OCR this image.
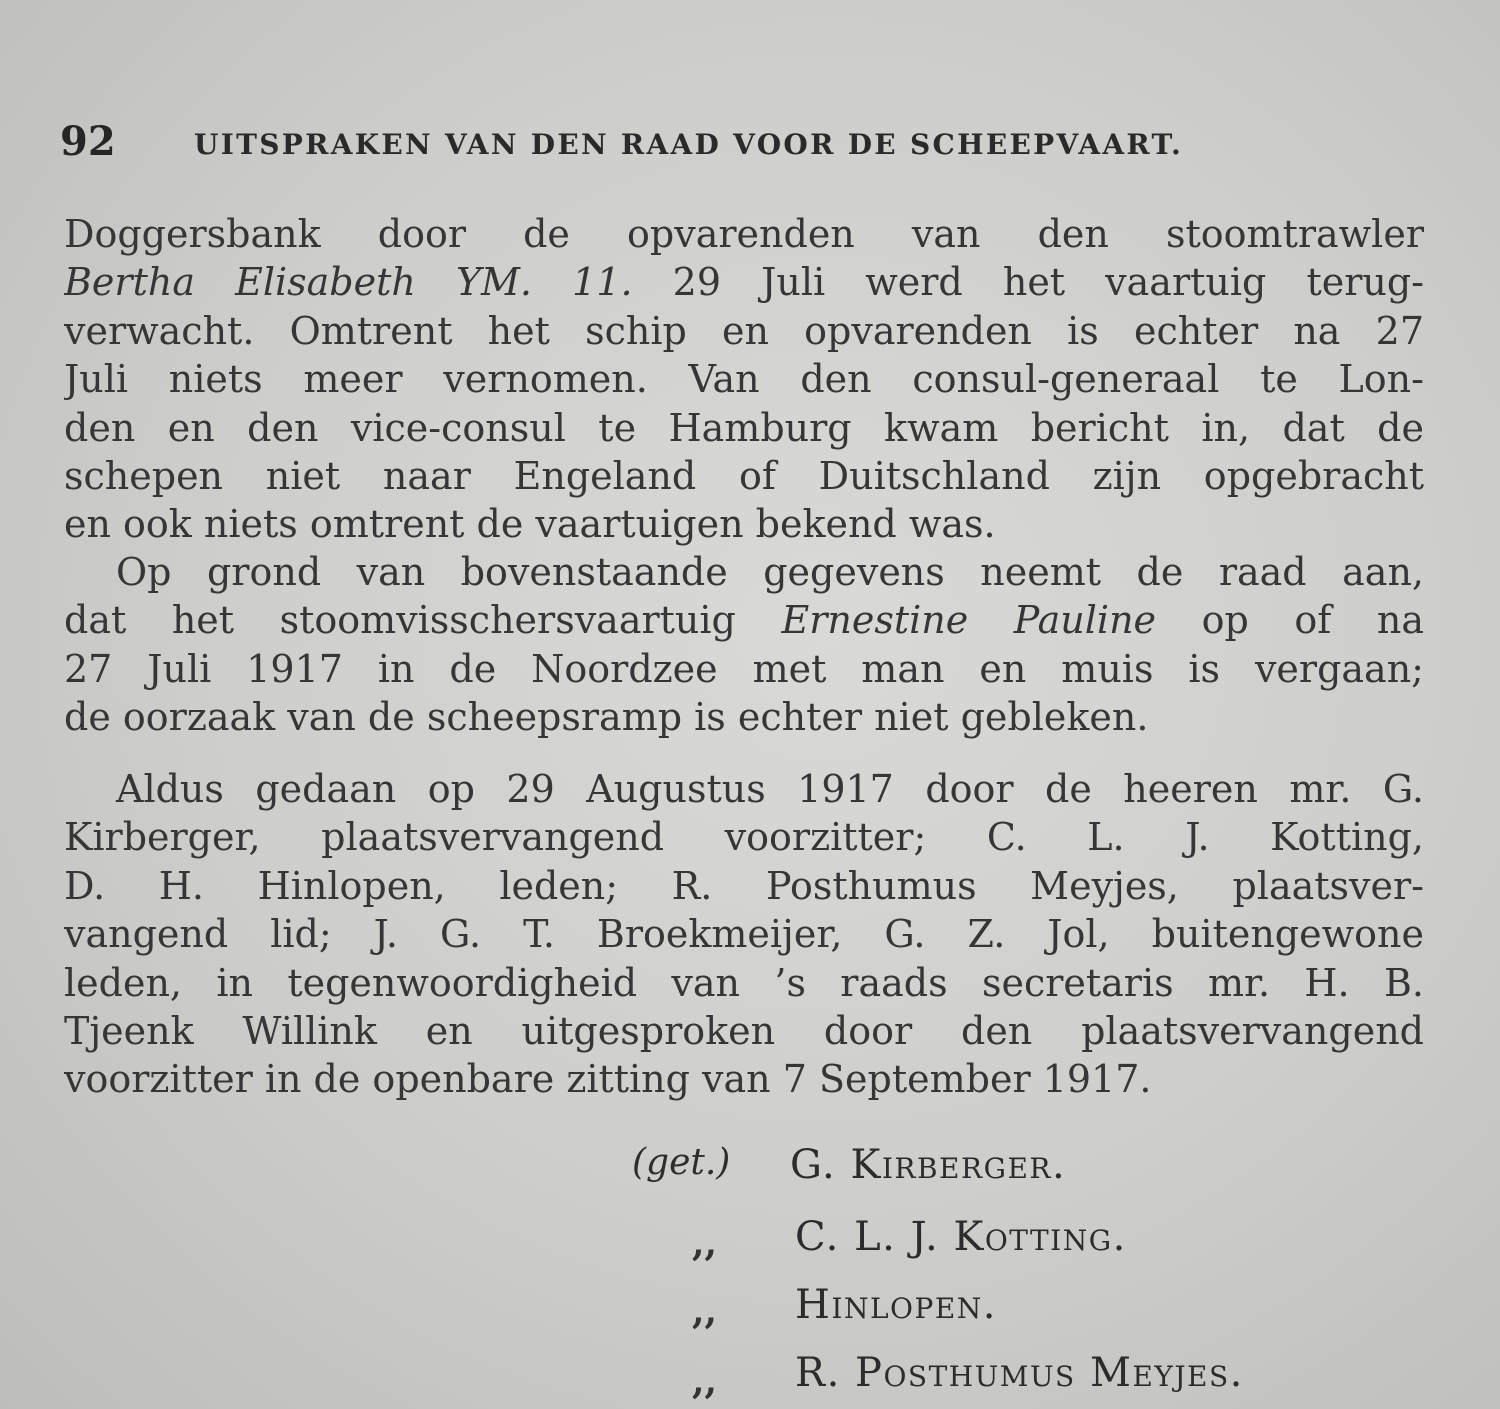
92	UITSPRAKEN VAN DEN RAAD VOOR DE SCHEEPVAART.
Doggersbank door de opvarenden van den stoomtrawler
Bertha Elisabeth YM. 11. 29 Juli werd het vaartuig terug-
verwacht. Omtrent het schip en opvarenden is echter na 27
Juli niets meer vernomen. Van den consul-generaal te Lon-
den en den vice-consul te Hamburg kwam bericht in, dat de
schepen niet naar Engeland of Duitschland zijn opgebracht
en ook niets omtrent de vaartuigen bekend was.
Op grond van bovenstaande gegevens neemt de raad aan,
dat het stoomvisschersvaartuig Ernestine Pauline op of na
27 Juli 1917 in de Noordzee met man en muis is vergaan;
de oorzaak van de scheepsramp is echter niet gebleken.
Aldus gedaan op 29 Augustus 1917 door de heeren mr. G.
Kirberger, plaatsvervangend voorzitter; C. L. J. Kotting,
D. H. Hinlopen, leden; R. Posthumus Meyjes, plaatsver-
vangend lid; J. G. T. Broekmeijer, G. Z. Jol, buitengewone
leden, in tegenwoordigheid van ’s raads secretaris mr. H. B.
Tjeenk Willink en uitgesproken door den plaatsvervangend
voorzitter in de openbare zitting van 7 September 1917.
(get.) G. Kirberger.
,, C. L. J. Kotting.
,, Hinlopen.
,, R. Posthumus Meyjes.
